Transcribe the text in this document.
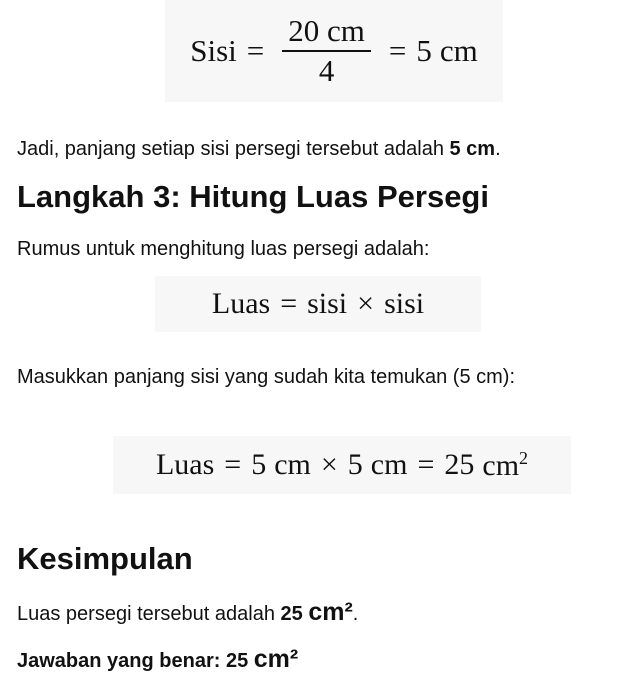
Sisi = $\frac{20 cm}{4} = 5$ cm

Jadi, panjang setiap sisi persegi tersebut adalah 5 cm.

Langkah 3: Hitung Luas Persegi

Rumus untuk menghitung luas persegi adalah:

Luas = sisi × sisi

Masukkan panjang sisi yang sudah kita temukan (5 cm):

Luas = 5 cm × 5 cm = 25 $cm^2$
Kesimpulan

Luas persegi tersebut adalah 25 cm².

Jawaban yang benar: 25 cm²
